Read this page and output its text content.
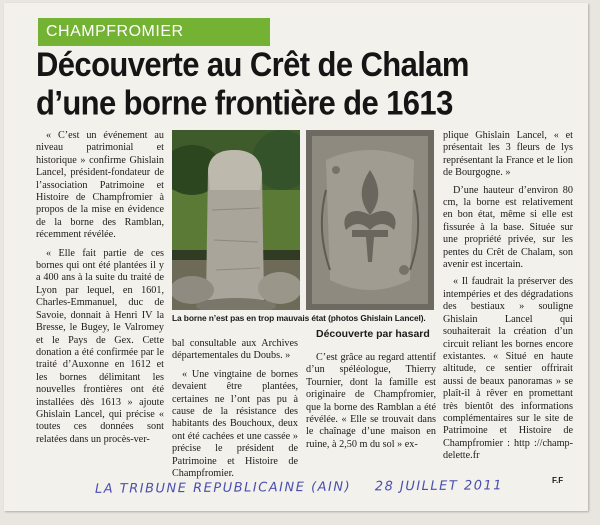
CHAMPFROMIER
Découverte au Crêt de Chalam
d’une borne frontière de 1613

« C’est un événement au niveau patrimonial et historique » confirme Ghislain Lancel, président-fondateur de l’association Patrimoine et Histoire de Champfromier à propos de la mise en évidence de la borne des Ramblan, récemment révélée.

« Elle fait partie de ces bornes qui ont été plantées il y a 400 ans à la suite du traité de Lyon par lequel, en 1601, Charles-Emmanuel, duc de Savoie, donnait à Henri IV la Bresse, le Bugey, le Valromey et le Pays de Gex. Cette donation a été confirmée par le traité d’Auxonne en 1612 et les bornes délimitant les nouvelles frontières ont été installées dès 1613 » ajoute Ghislain Lancel, qui précise « toutes ces données sont relatées dans un procès-ver-

La borne n’est pas en trop mauvais état (photos Ghislain Lancel).

bal consultable aux Archives départementales du Doubs. »

« Une vingtaine de bornes devaient être plantées, certaines ne l’ont pas pu à cause de la résistance des habitants des Bouchoux, deux ont été cachées et une cassée » précise le président de Patrimoine et Histoire de Champfromier.

Découverte par hasard

C’est grâce au regard attentif d’un spéléologue, Thierry Tournier, dont la famille est originaire de Champfromier, que la borne des Ramblan a été révélée. « Elle se trouvait dans le chaînage d’une maison en ruine, à 2,50 m du sol » ex-

plique Ghislain Lancel, « et présentait les 3 fleurs de lys représentant la France et le lion de Bourgogne. »

D’une hauteur d’environ 80 cm, la borne est relativement en bon état, même si elle est fissurée à la base. Située sur une propriété privée, sur les pentes du Crêt de Chalam, son avenir est incertain.

« Il faudrait la préserver des intempéries et des dégradations des bestiaux » souligne Ghislain Lancel qui souhaiterait la création d’un circuit reliant les bornes encore existantes. « Situé en haute altitude, ce sentier offrirait aussi de beaux panoramas » se plaît-il à rêver en promettant très bientôt des informations complémentaires sur le site de Patrimoine et Histoire de Champfromier : http ://champ-delette.fr

F.F
LA TRIBUNE REPUBLICAINE (AIN) 28 JUILLET 2011
